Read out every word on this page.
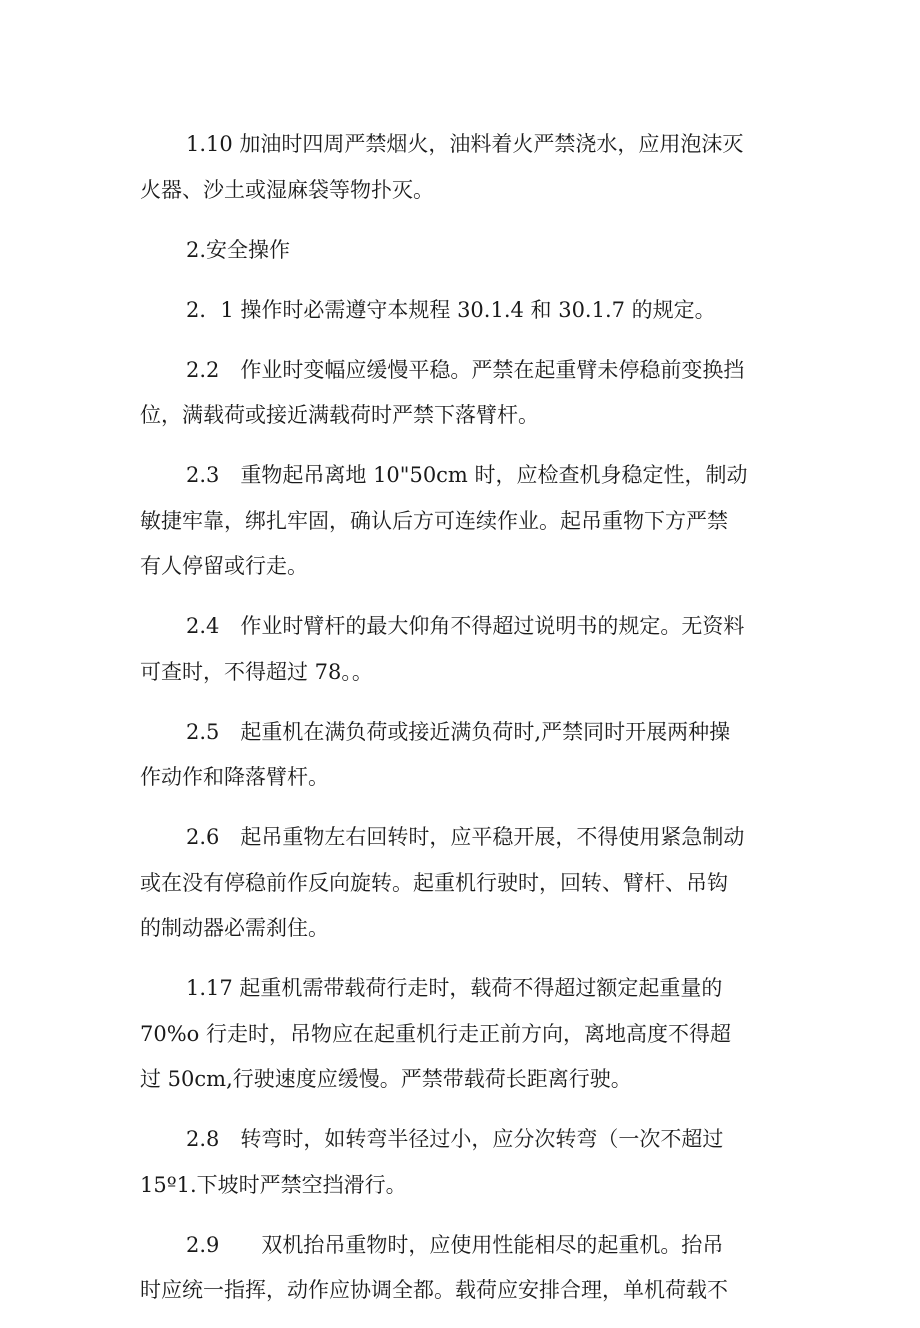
1.10 加油时四周严禁烟火，油料着火严禁浇水，应用泡沫灭
火器、沙土或湿麻袋等物扑灭。

2.安全操作

2．1 操作时必需遵守本规程 30.1.4 和 30.1.7 的规定。

2.2　作业时变幅应缓慢平稳。严禁在起重臂未停稳前变换挡
位，满载荷或接近满载荷时严禁下落臂杆。

2.3　重物起吊离地 10"50cm 时，应检查机身稳定性，制动
敏捷牢靠，绑扎牢固，确认后方可连续作业。起吊重物下方严禁
有人停留或行走。

2.4　作业时臂杆的最大仰角不得超过说明书的规定。无资料
可查时，不得超过 78。。

2.5　起重机在满负荷或接近满负荷时,严禁同时开展两种操
作动作和降落臂杆。

2.6　起吊重物左右回转时，应平稳开展，不得使用紧急制动
或在没有停稳前作反向旋转。起重机行驶时，回转、臂杆、吊钩
的制动器必需刹住。

1.17 起重机需带载荷行走时，载荷不得超过额定起重量的
70%o 行走时，吊物应在起重机行走正前方向，离地高度不得超
过 50cm,行驶速度应缓慢。严禁带载荷长距离行驶。

2.8　转弯时，如转弯半径过小，应分次转弯（一次不超过
15º1.下坡时严禁空挡滑行。

2.9　　双机抬吊重物时，应使用性能相尽的起重机。抬吊
时应统一指挥，动作应协调全都。载荷应安排合理，单机荷载不
